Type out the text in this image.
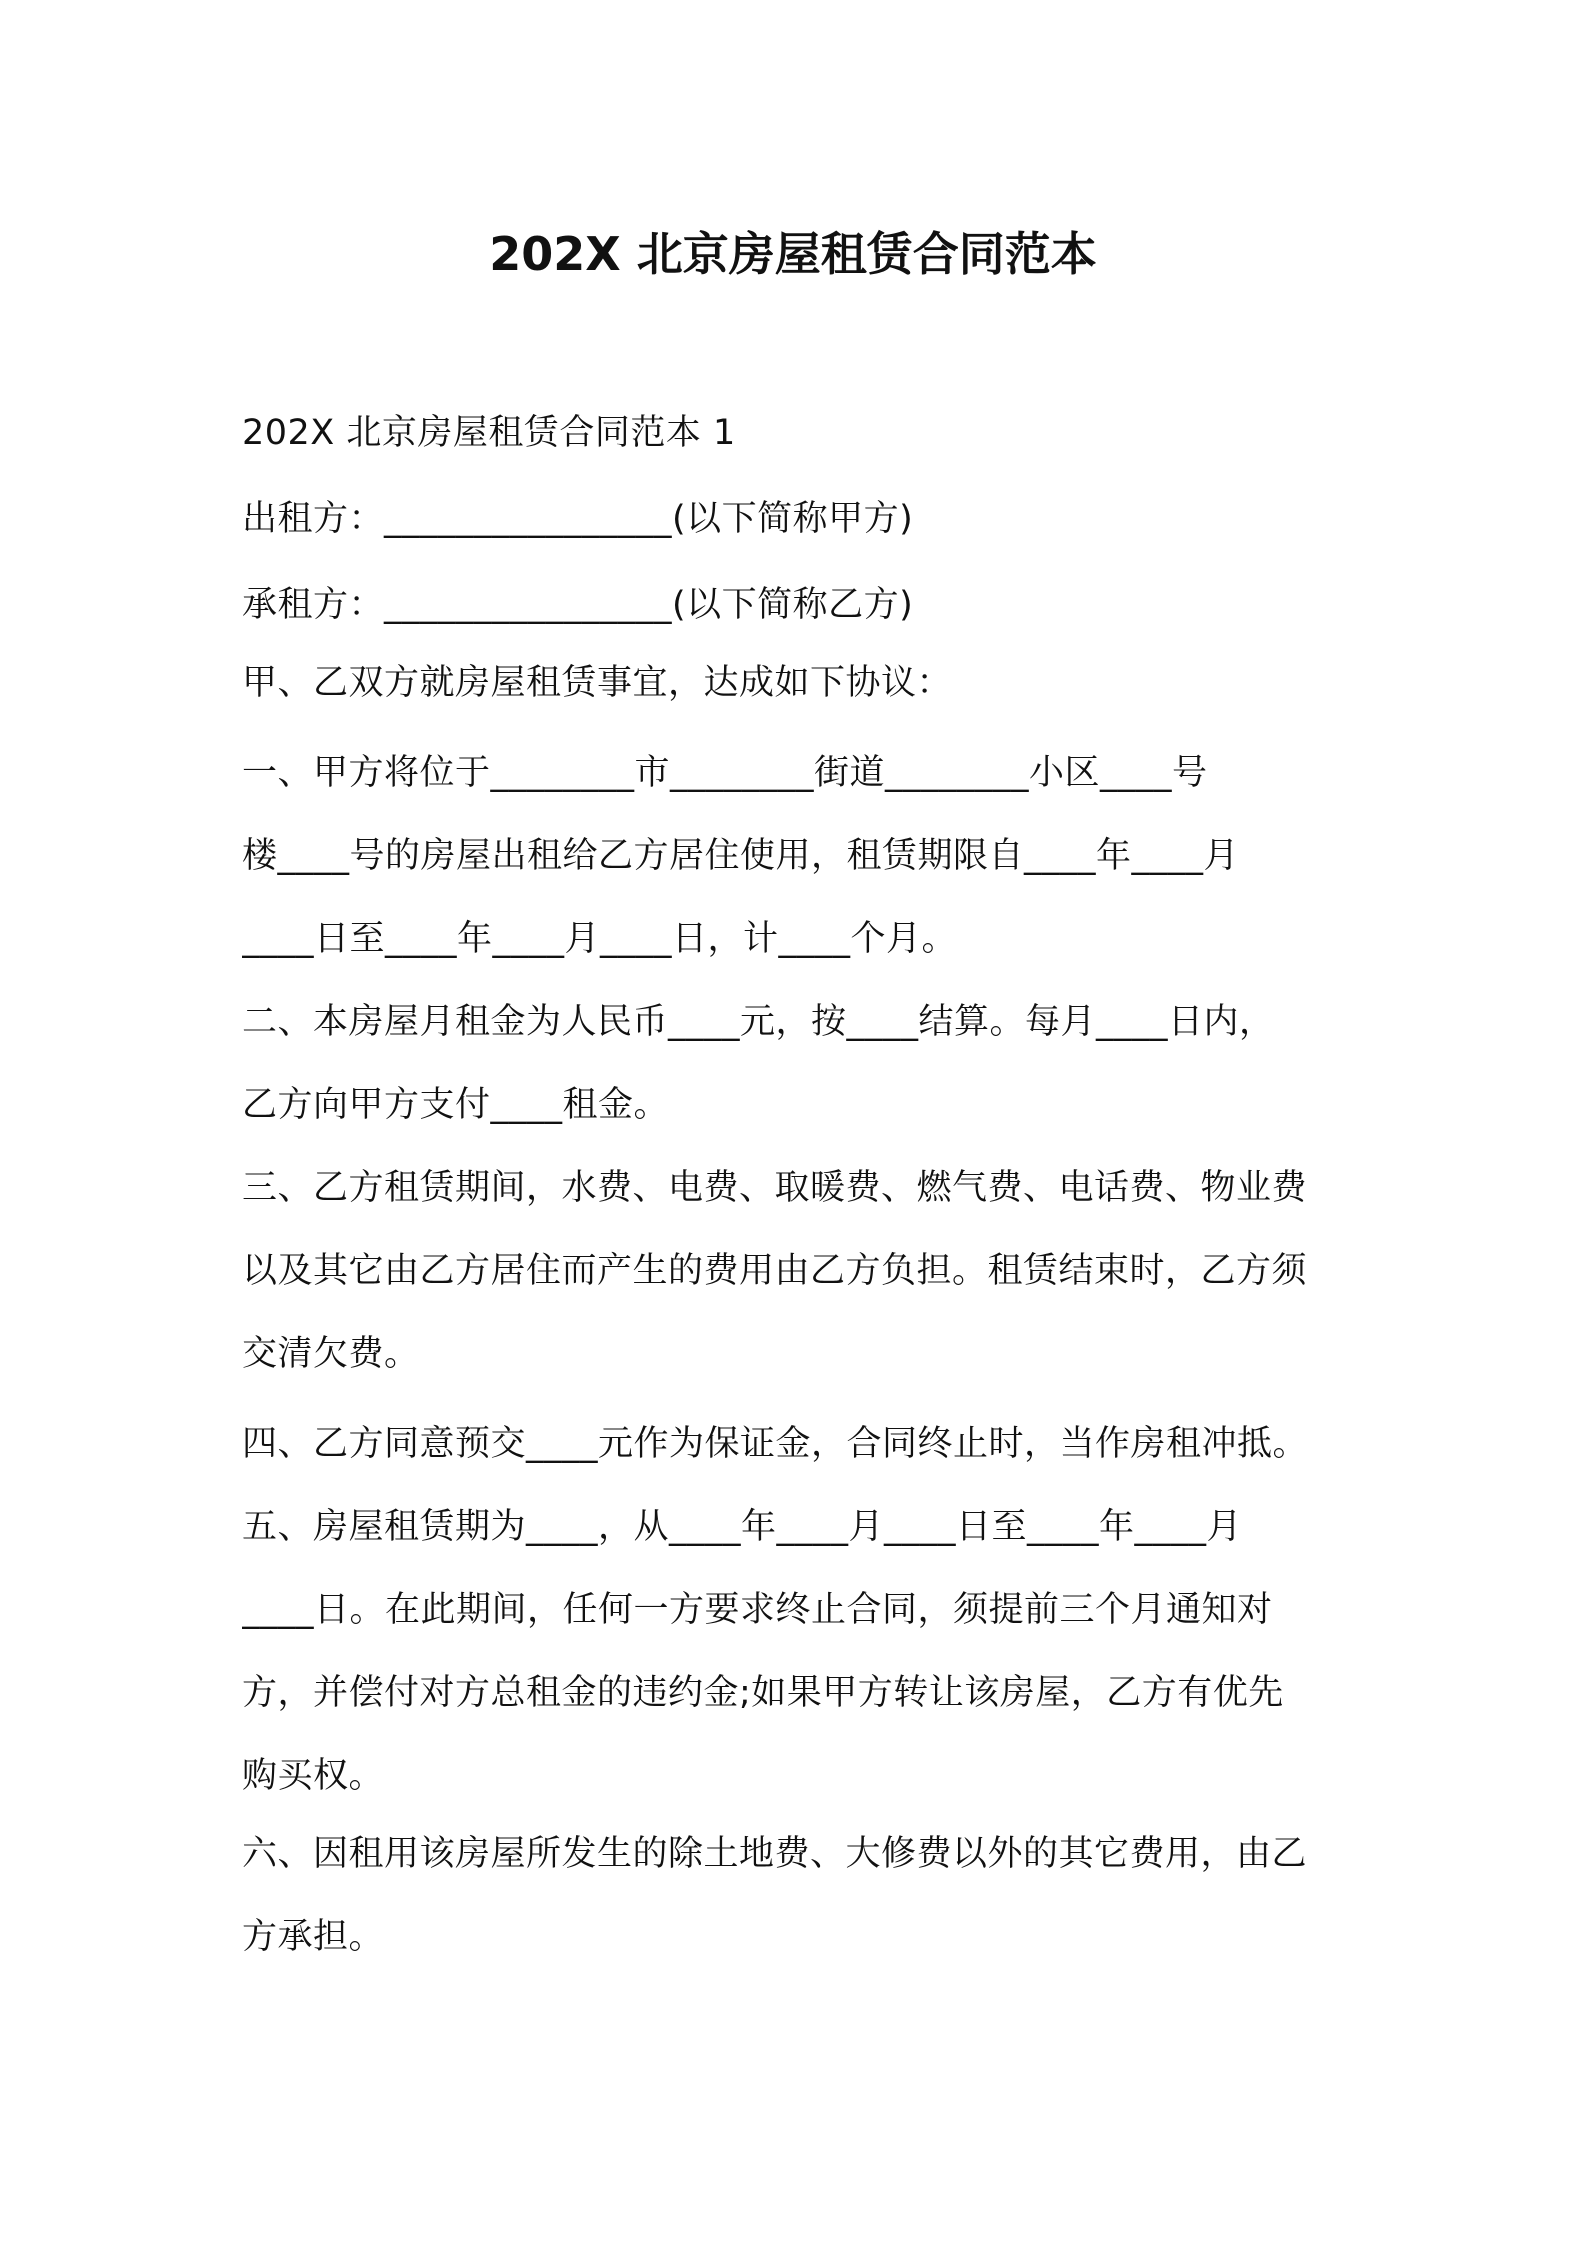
202X 北京房屋租赁合同范本
202X 北京房屋租赁合同范本 1
出租方：________________(以下简称甲方)
承租方：________________(以下简称乙方)
甲、乙双方就房屋租赁事宜，达成如下协议：
一、甲方将位于________市________街道________小区____号
楼____号的房屋出租给乙方居住使用，租赁期限自____年____月
____日至____年____月____日，计____个月。
二、本房屋月租金为人民币____元，按____结算。每月____日内，
乙方向甲方支付____租金。
三、乙方租赁期间，水费、电费、取暖费、燃气费、电话费、物业费
以及其它由乙方居住而产生的费用由乙方负担。租赁结束时，乙方须
交清欠费。
四、乙方同意预交____元作为保证金，合同终止时，当作房租冲抵。
五、房屋租赁期为____，从____年____月____日至____年____月
____日。在此期间，任何一方要求终止合同，须提前三个月通知对
方，并偿付对方总租金的违约金;如果甲方转让该房屋，乙方有优先
购买权。
六、因租用该房屋所发生的除土地费、大修费以外的其它费用，由乙
方承担。
